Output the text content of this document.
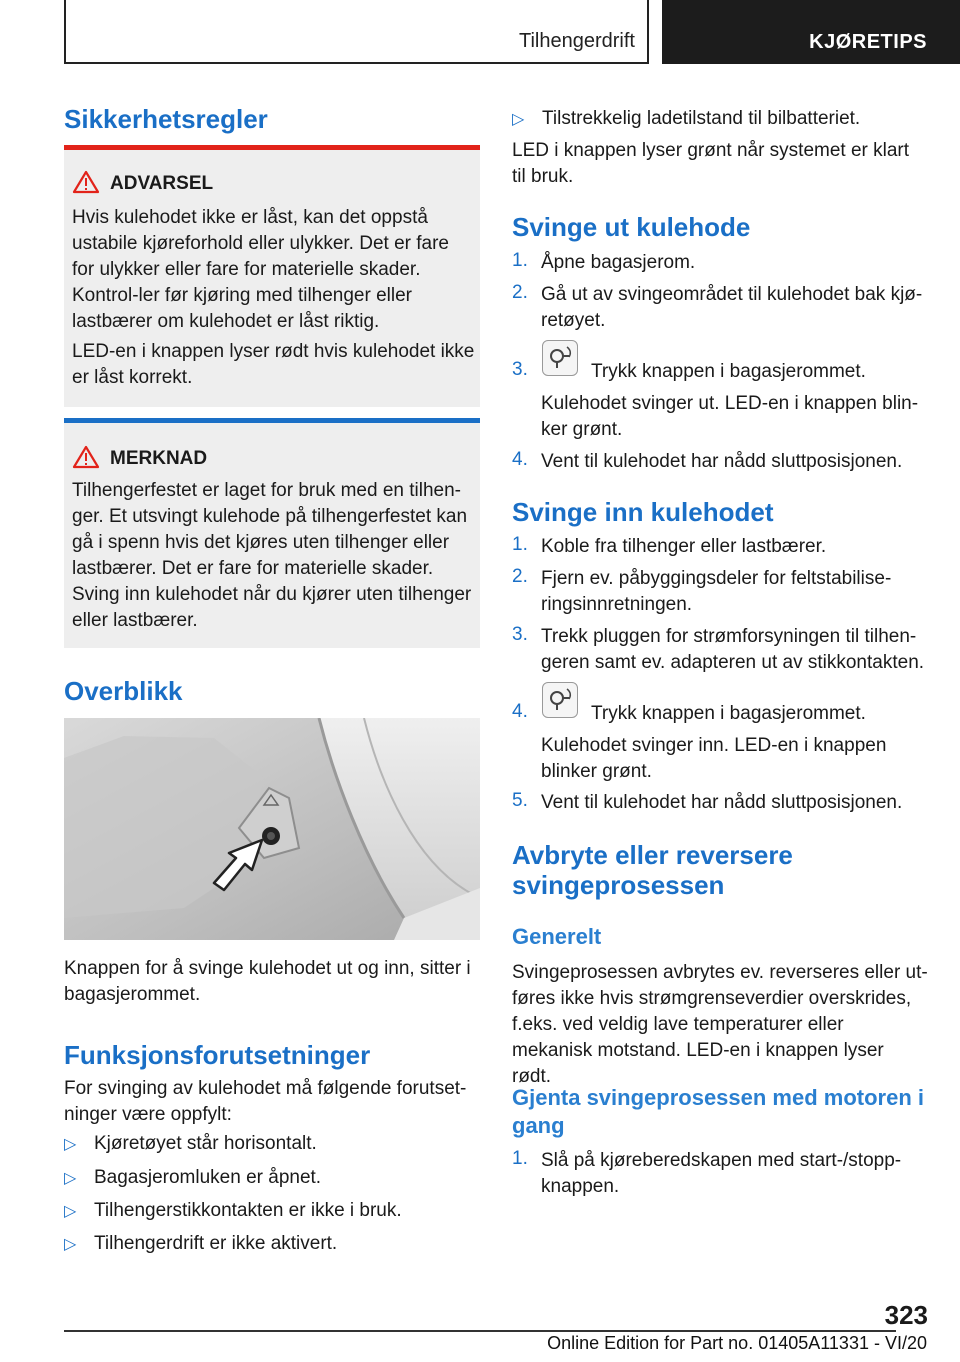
Tilhengerdrift	KJØRETIPS
Sikkerhetsregler
ADVARSEL

Hvis kulehodet ikke er låst, kan det oppstå ustabile kjøreforhold eller ulykker. Det er fare for ulykker eller fare for materielle skader. Kontrol-ler før kjøring med tilhenger eller lastbærer om kulehodet er låst riktig.

LED-en i knappen lyser rødt hvis kulehodet ikke er låst korrekt.

MERKNAD

Tilhengerfestet er laget for bruk med en tilhen-ger. Et utsvingt kulehode på tilhengerfestet kan gå i spenn hvis det kjøres uten tilhenger eller lastbærer. Det er fare for materielle skader. Sving inn kulehodet når du kjører uten tilhenger eller lastbærer.

Overblikk

Knappen for å svinge kulehodet ut og inn, sitter i bagasjerommet.

Funksjonsforutsetninger

For svinging av kulehodet må følgende forutset-ninger være oppfylt:

▷ Kjøretøyet står horisontalt.

▷ Bagasjeromluken er åpnet.

▷ Tilhengerstikkontakten er ikke i bruk.

▷ Tilhengerdrift er ikke aktivert.

▷ Tilstrekkelig ladetilstand til bilbatteriet.

LED i knappen lyser grønt når systemet er klart til bruk.

Svinge ut kulehode
1. Åpne bagasjerom.

2. Gå ut av svingeområdet til kulehodet bak kjø-retøyet.

3.	Trykk knappen i bagasjerommet.

Kulehodet svinger ut. LED-en i knappen blin-ker grønt.

4. Vent til kulehodet har nådd sluttposisjonen.

Svinge inn kulehodet
1. Koble fra tilhenger eller lastbærer.

2. Fjern ev. påbyggingsdeler for feltstabilise-ringsinnretningen.

3. Trekk pluggen for strømforsyningen til tilhen-geren samt ev. adapteren ut av stikkontakten.

4.	Trykk knappen i bagasjerommet.

Kulehodet svinger inn. LED-en i knappen blinker grønt.

5. Vent til kulehodet har nådd sluttposisjonen.

Avbryte eller reversere svingeprosessen
Generelt

Svingeprosessen avbrytes ev. reverseres eller ut-føres ikke hvis strømgrenseverdier overskrides, f.eks. ved veldig lave temperaturer eller mekanisk motstand. LED-en i knappen lyser rødt.

Gjenta svingeprosessen med motoren i gang
1. Slå på kjøreberedskapen med start-/stopp-knappen.

323
Online Edition for Part no. 01405A11331 - VI/20
